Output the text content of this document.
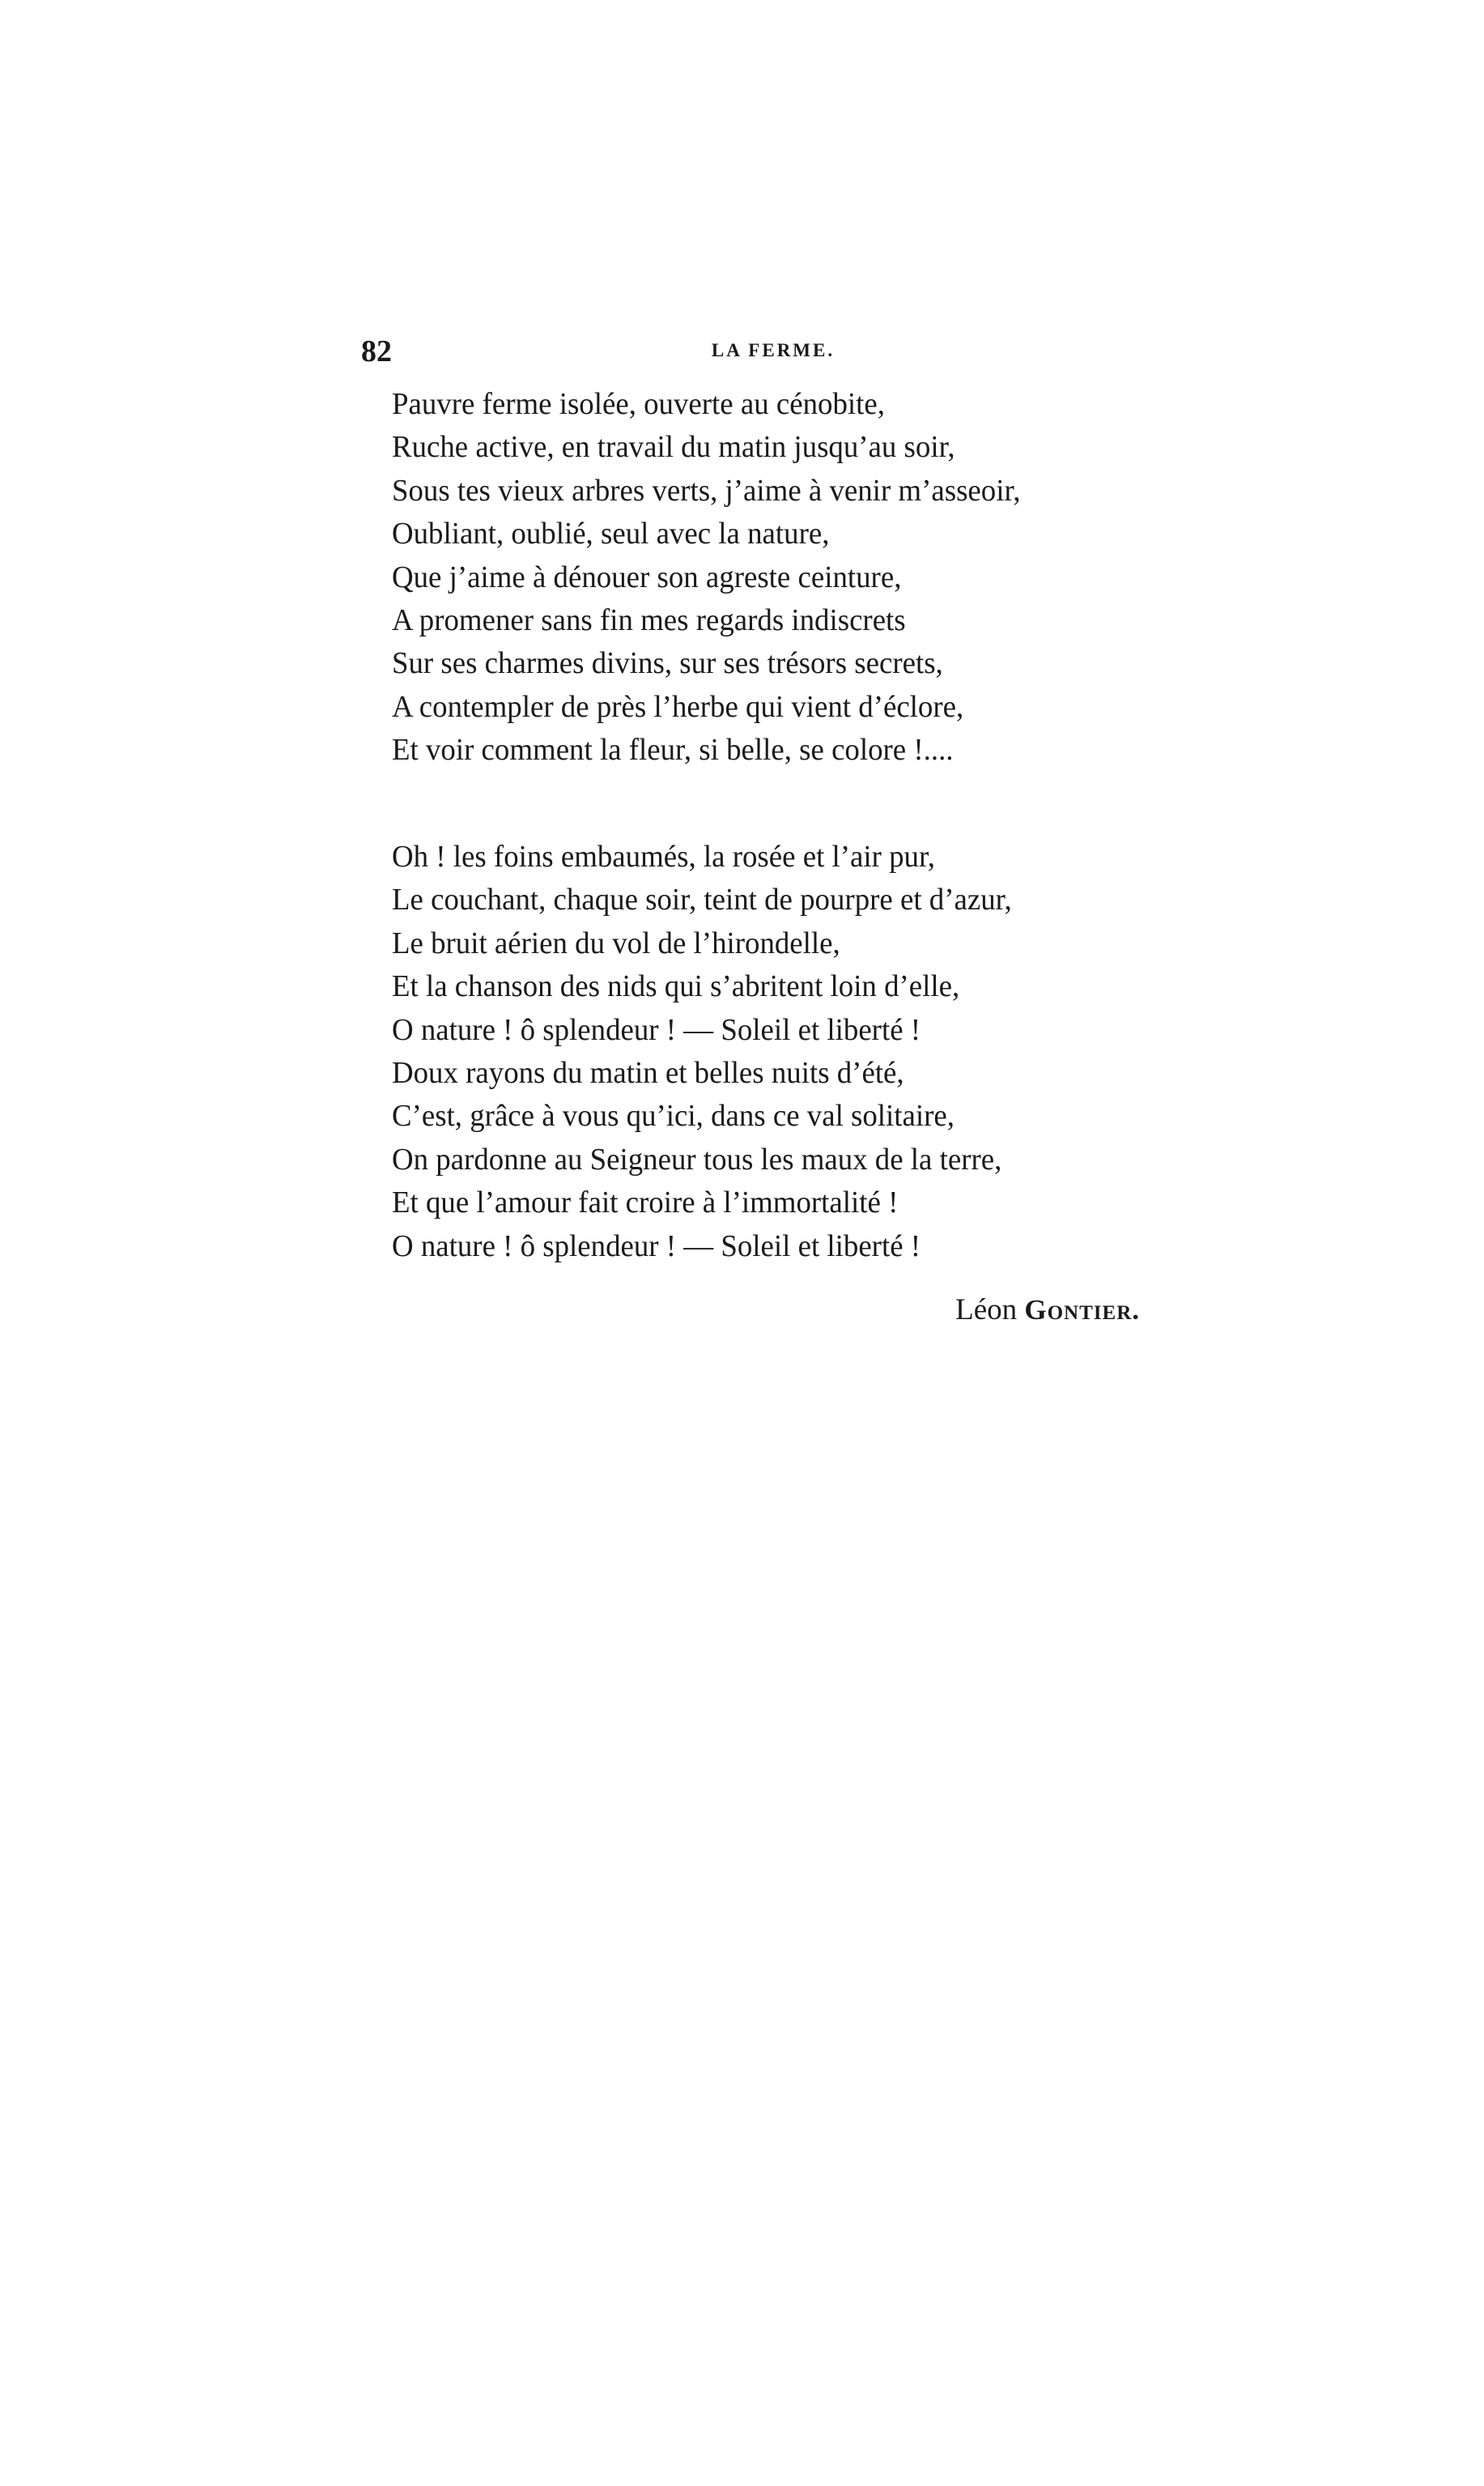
82	LA FERME.
Pauvre ferme isolée, ouverte au cénobite,
Ruche active, en travail du matin jusqu’au soir,
Sous tes vieux arbres verts, j’aime à venir m’asseoir,
Oubliant, oublié, seul avec la nature,
Que j’aime à dénouer son agreste ceinture,
A promener sans fin mes regards indiscrets
Sur ses charmes divins, sur ses trésors secrets,
A contempler de près l’herbe qui vient d’éclore,
Et voir comment la fleur, si belle, se colore !....
Oh ! les foins embaumés, la rosée et l’air pur,
Le couchant, chaque soir, teint de pourpre et d’azur,
Le bruit aérien du vol de l’hirondelle,
Et la chanson des nids qui s’abritent loin d’elle,
O nature ! ô splendeur ! — Soleil et liberté !
Doux rayons du matin et belles nuits d’été,
C’est, grâce à vous qu’ici, dans ce val solitaire,
On pardonne au Seigneur tous les maux de la terre,
Et que l’amour fait croire à l’immortalité !
O nature ! ô splendeur ! — Soleil et liberté !
Léon Gontier.
